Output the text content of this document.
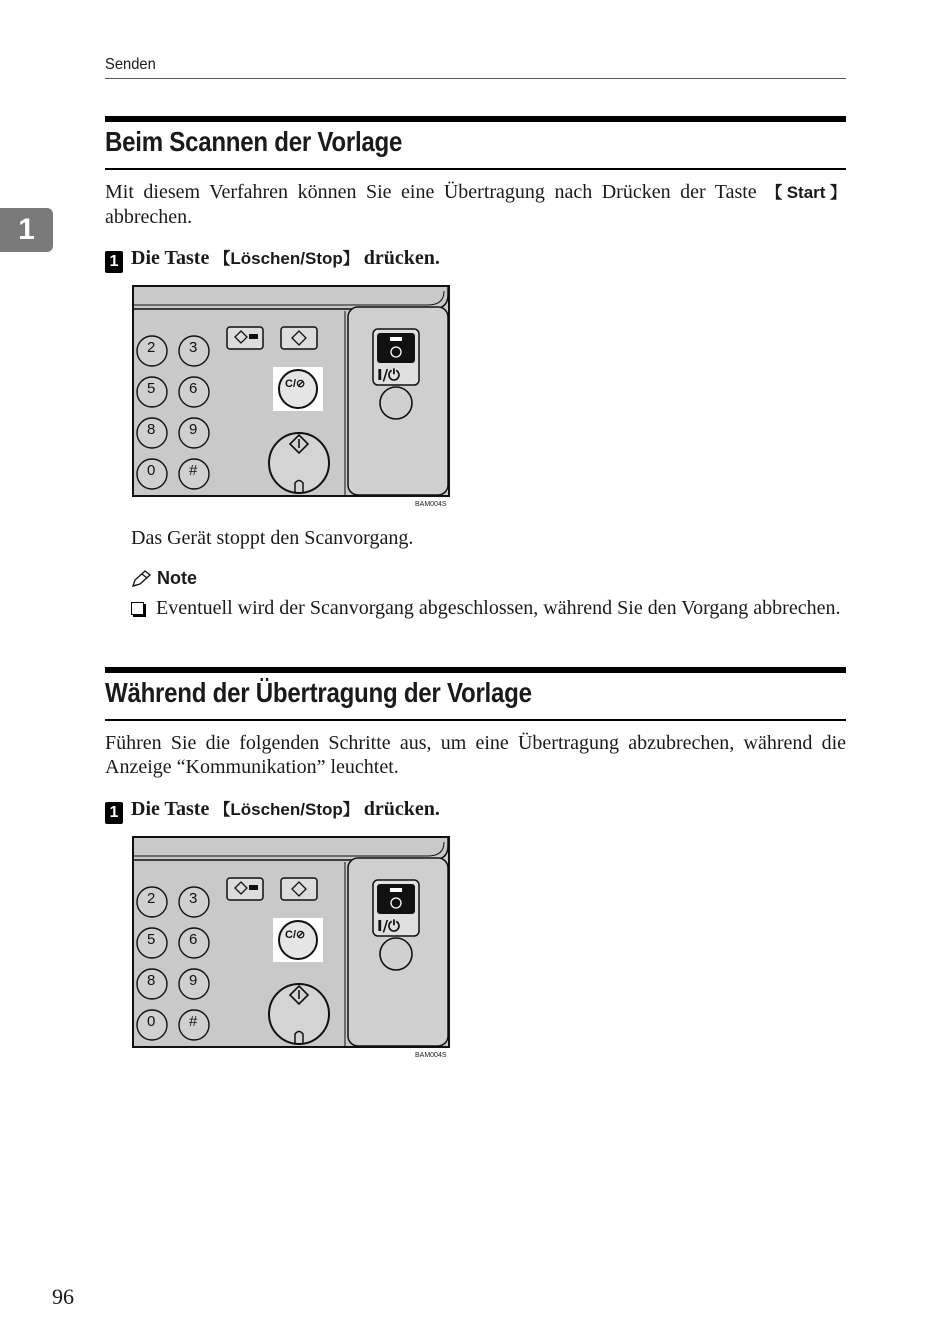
Senden
1
Beim Scannen der Vorlage
Mit diesem Verfahren können Sie eine Übertragung nach Drücken der Taste 【Start】 abbrechen.
1 Die Taste 【Löschen/Stop】 drücken.
2 3
5 6
8 9
0 #
C/⊘	I/⏻
BAM004S
Das Gerät stoppt den Scanvorgang.
Note
Eventuell wird der Scanvorgang abgeschlossen, während Sie den Vorgang abbrechen.
Während der Übertragung der Vorlage
Führen Sie die folgenden Schritte aus, um eine Übertragung abzubrechen, während die Anzeige “Kommunikation” leuchtet.
1 Die Taste 【Löschen/Stop】 drücken.
2 3
5 6
8 9
0 #
C/⊘	I/⏻
BAM004S
96
